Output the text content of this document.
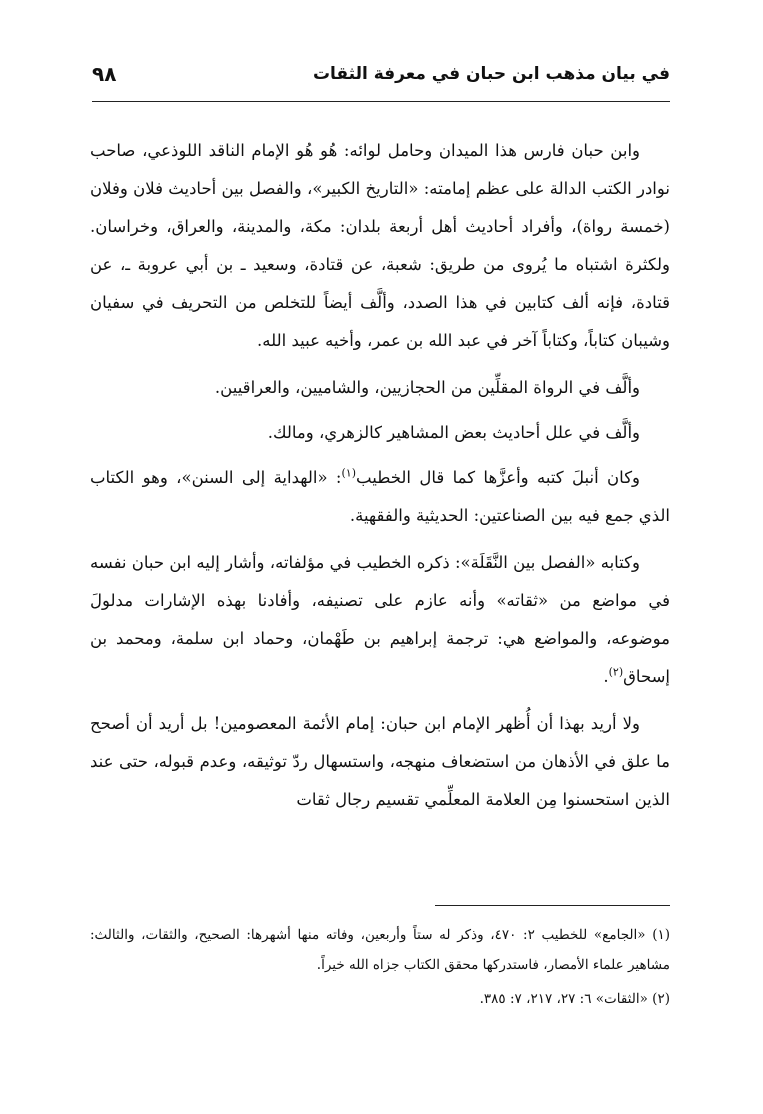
في بيان مذهب ابن حبان في معرفة الثقات
٩٨

وابن حبان فارس هذا الميدان وحامل لوائه: هُو هُو الإمام الناقد اللوذعي، صاحب نوادر الكتب الدالة على عظم إمامته: «التاريخ الكبير»، والفصل بين أحاديث فلان وفلان (خمسة رواة)، وأفراد أحاديث أهل أربعة بلدان: مكة، والمدينة، والعراق، وخراسان. ولكثرة اشتباه ما يُروى من طريق: شعبة، عن قتادة، وسعيد ـ بن أبي عروبة ـ، عن قتادة، فإنه ألف كتابين في هذا الصدد، وألَّف أيضاً للتخلص من التحريف في سفيان وشيبان كتاباً، وكتاباً آخر في عبد الله بن عمر، وأخيه عبيد الله.

وألَّف في الرواة المقلِّين من الحجازيين، والشاميين، والعراقيين.

وألَّف في علل أحاديث بعض المشاهير كالزهري، ومالك.

وكان أنبلَ كتبه وأعزَّها كما قال الخطيب$^{(١)}$: «الهداية إلى السنن»، وهو الكتاب الذي جمع فيه بين الصناعتين: الحديثية والفقهية.

وكتابه «الفصل بين النَّقَلَة»: ذكره الخطيب في مؤلفاته، وأشار إليه ابن حبان نفسه في مواضع من «ثقاته» وأنه عازم على تصنيفه، وأفادنا بهذه الإشارات مدلولَ موضوعه، والمواضع هي: ترجمة إبراهيم بن طَهْمان، وحماد ابن سلمة، ومحمد بن إسحاق$^{(٢)}$.

ولا أريد بهذا أن أُظهر الإمام ابن حبان: إمام الأئمة المعصومين! بل أريد أن أصحح ما علق في الأذهان من استضعاف منهجه، واستسهال ردّ توثيقه، وعدم قبوله، حتى عند الذين استحسنوا مِن العلامة المعلِّمي تقسيم رجال ثقات

(١) «الجامع» للخطيب ٢: ٤٧٠، وذكر له ستاً وأربعين، وفاته منها أشهرها: الصحيح، والثقات، والثالث: مشاهير علماء الأمصار، فاستدركها محقق الكتاب جزاه الله خيراً.

(٢) «الثقات» ٦: ٢٧، ٢١٧، ٧: ٣٨٥.
